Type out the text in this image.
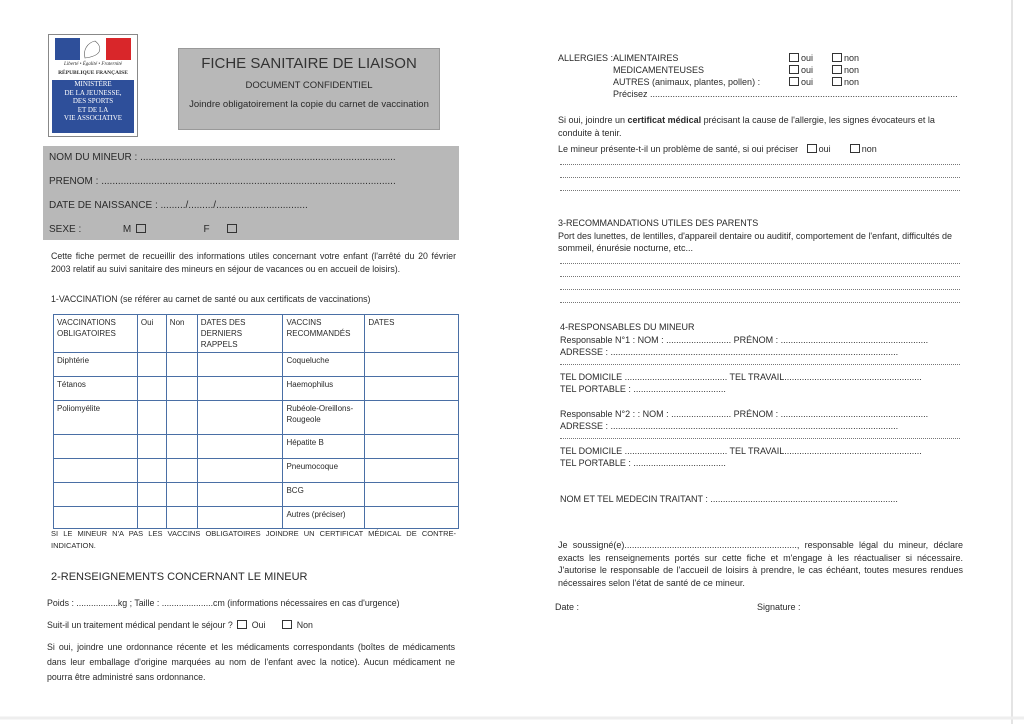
Liberté • Égalité • Fraternité
RÉPUBLIQUE FRANÇAISE
MINISTÈRE
DE LA JEUNESSE,
DES SPORTS
ET DE LA
VIE ASSOCIATIVE
FICHE SANITAIRE DE LIAISON
DOCUMENT CONFIDENTIEL
Joindre obligatoirement la copie du carnet de vaccination
NOM DU MINEUR : ............................................................................................
PRENOM : ..........................................................................................................
DATE DE NAISSANCE : ........./........./.................................
SEXE :	M	F
Cette fiche permet de recueillir des informations utiles concernant votre enfant (l'arrêté du 20 février 2003 relatif au suivi sanitaire des mineurs en séjour de vacances ou en accueil de loisirs).
1-VACCINATION (se référer au carnet de santé ou aux certificats de vaccinations)
VACCINATIONS OBLIGATOIRES	Oui	Non	DATES DES DERNIERS RAPPELS	VACCINS RECOMMANDÉS	DATES
Diphtérie				Coqueluche	
Tétanos				Haemophilus	
Poliomyélite				Rubéole-Oreillons-Rougeole	
				Hépatite B	
				Pneumocoque	
				BCG	
				Autres (préciser)	
SI LE MINEUR N'A PAS LES VACCINS OBLIGATOIRES JOINDRE UN CERTIFICAT MÉDICAL DE CONTRE-INDICATION.
2-RENSEIGNEMENTS CONCERNANT LE MINEUR
Poids : .................kg ; Taille : .....................cm (informations nécessaires en cas d'urgence)
Suit-il un traitement médical pendant le séjour ? Oui	Non
Si oui, joindre une ordonnance récente et les médicaments correspondants (boîtes de médicaments dans leur emballage d'origine marquées au nom de l'enfant avec la notice). Aucun médicament ne pourra être administré sans ordonnance.
ALLERGIES : ALIMENTAIRES
MEDICAMENTEUSES
AUTRES (animaux, plantes, pollen) :
oui	non
oui	non
oui	non
Précisez ...........................................................................................................................
Si oui, joindre un certificat médical précisant la cause de l'allergie, les signes évocateurs et la conduite à tenir.
Le mineur présente-t-il un problème de santé, si oui préciser oui	non
3-RECOMMANDATIONS UTILES DES PARENTS
Port des lunettes, de lentilles, d'appareil dentaire ou auditif, comportement de l'enfant, difficultés de sommeil, énurésie nocturne, etc...
4-RESPONSABLES DU MINEUR
Responsable N°1 : NOM : .......................... PRÉNOM : ...........................................................
ADRESSE : ...................................................................................................................
TEL DOMICILE ......................................... TEL TRAVAIL.......................................................
TEL PORTABLE : .....................................
Responsable N°2 : : NOM : ........................ PRÉNOM : ...........................................................
ADRESSE : ...................................................................................................................
TEL DOMICILE ......................................... TEL TRAVAIL.......................................................
TEL PORTABLE : .....................................
NOM ET TEL MEDECIN TRAITANT : ...........................................................................
Je soussigné(e)....................................................................., responsable légal du mineur, déclare exacts les renseignements portés sur cette fiche et m'engage à les réactualiser si nécessaire. J'autorise le responsable de l'accueil de loisirs à prendre, le cas échéant, toutes mesures rendues nécessaires selon l'état de santé de ce mineur.
Date :	Signature :
